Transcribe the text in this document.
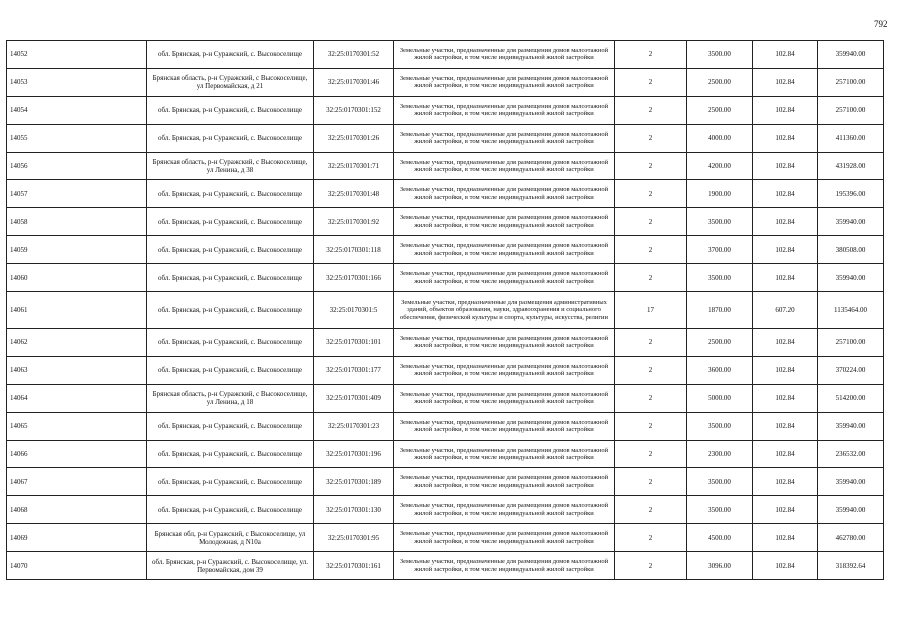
792
14052	обл. Брянская, р-н Суражский, с. Высокоселище	32:25:0170301:52	Земельные участки, предназначенные для размещения домов малоэтажной жилой застройки, в том числе индивидуальной жилой застройки	2	3500.00	102.84	359940.00
14053	Брянская область, р-н Суражский, с Высокоселище, ул Первомайская, д 21	32:25:0170301:46	Земельные участки, предназначенные для размещения домов малоэтажной жилой застройки, в том числе индивидуальной жилой застройки	2	2500.00	102.84	257100.00
14054	обл. Брянская, р-н Суражский, с. Высокоселище	32:25:0170301:152	Земельные участки, предназначенные для размещения домов малоэтажной жилой застройки, в том числе индивидуальной жилой застройки	2	2500.00	102.84	257100.00
14055	обл. Брянская, р-н Суражский, с. Высокоселище	32:25:0170301:26	Земельные участки, предназначенные для размещения домов малоэтажной жилой застройки, в том числе индивидуальной жилой застройки	2	4000.00	102.84	411360.00
14056	Брянская область, р-н Суражский, с Высокоселище, ул Ленина, д 38	32:25:0170301:71	Земельные участки, предназначенные для размещения домов малоэтажной жилой застройки, в том числе индивидуальной жилой застройки	2	4200.00	102.84	431928.00
14057	обл. Брянская, р-н Суражский, с. Высокоселище	32:25:0170301:48	Земельные участки, предназначенные для размещения домов малоэтажной жилой застройки, в том числе индивидуальной жилой застройки	2	1900.00	102.84	195396.00
14058	обл. Брянская, р-н Суражский, с. Высокоселище	32:25:0170301:92	Земельные участки, предназначенные для размещения домов малоэтажной жилой застройки, в том числе индивидуальной жилой застройки	2	3500.00	102.84	359940.00
14059	обл. Брянская, р-н Суражский, с. Высокоселище	32:25:0170301:118	Земельные участки, предназначенные для размещения домов малоэтажной жилой застройки, в том числе индивидуальной жилой застройки	2	3700.00	102.84	380508.00
14060	обл. Брянская, р-н Суражский, с. Высокоселище	32:25:0170301:166	Земельные участки, предназначенные для размещения домов малоэтажной жилой застройки, в том числе индивидуальной жилой застройки	2	3500.00	102.84	359940.00
14061	обл. Брянская, р-н Суражский, с. Высокоселище	32:25:0170301:5	Земельные участки, предназначенные для размещения административных зданий, объектов образования, науки, здравоохранения и социального обеспечения, физической культуры и спорта, культуры, искусства, религии	17	1870.00	607.20	1135464.00
14062	обл. Брянская, р-н Суражский, с. Высокоселище	32:25:0170301:101	Земельные участки, предназначенные для размещения домов малоэтажной жилой застройки, в том числе индивидуальной жилой застройки	2	2500.00	102.84	257100.00
14063	обл. Брянская, р-н Суражский, с. Высокоселище	32:25:0170301:177	Земельные участки, предназначенные для размещения домов малоэтажной жилой застройки, в том числе индивидуальной жилой застройки	2	3600.00	102.84	370224.00
14064	Брянская область, р-н Суражский, с Высокоселище, ул Ленина, д 18	32:25:0170301:409	Земельные участки, предназначенные для размещения домов малоэтажной жилой застройки, в том числе индивидуальной жилой застройки	2	5000.00	102.84	514200.00
14065	обл. Брянская, р-н Суражский, с. Высокоселище	32:25:0170301:23	Земельные участки, предназначенные для размещения домов малоэтажной жилой застройки, в том числе индивидуальной жилой застройки	2	3500.00	102.84	359940.00
14066	обл. Брянская, р-н Суражский, с. Высокоселище	32:25:0170301:196	Земельные участки, предназначенные для размещения домов малоэтажной жилой застройки, в том числе индивидуальной жилой застройки	2	2300.00	102.84	236532.00
14067	обл. Брянская, р-н Суражский, с. Высокоселище	32:25:0170301:189	Земельные участки, предназначенные для размещения домов малоэтажной жилой застройки, в том числе индивидуальной жилой застройки	2	3500.00	102.84	359940.00
14068	обл. Брянская, р-н Суражский, с. Высокоселище	32:25:0170301:130	Земельные участки, предназначенные для размещения домов малоэтажной жилой застройки, в том числе индивидуальной жилой застройки	2	3500.00	102.84	359940.00
14069	Брянская обл, р-н Суражский, с Высокоселище, ул Молодежная, д N10а	32:25:0170301:95	Земельные участки, предназначенные для размещения домов малоэтажной жилой застройки, в том числе индивидуальной жилой застройки	2	4500.00	102.84	462780.00
14070	обл. Брянская, р-н Суражский, с. Высокоселище, ул. Первомайская, дом 39	32:25:0170301:161	Земельные участки, предназначенные для размещения домов малоэтажной жилой застройки, в том числе индивидуальной жилой застройки	2	3096.00	102.84	318392.64
